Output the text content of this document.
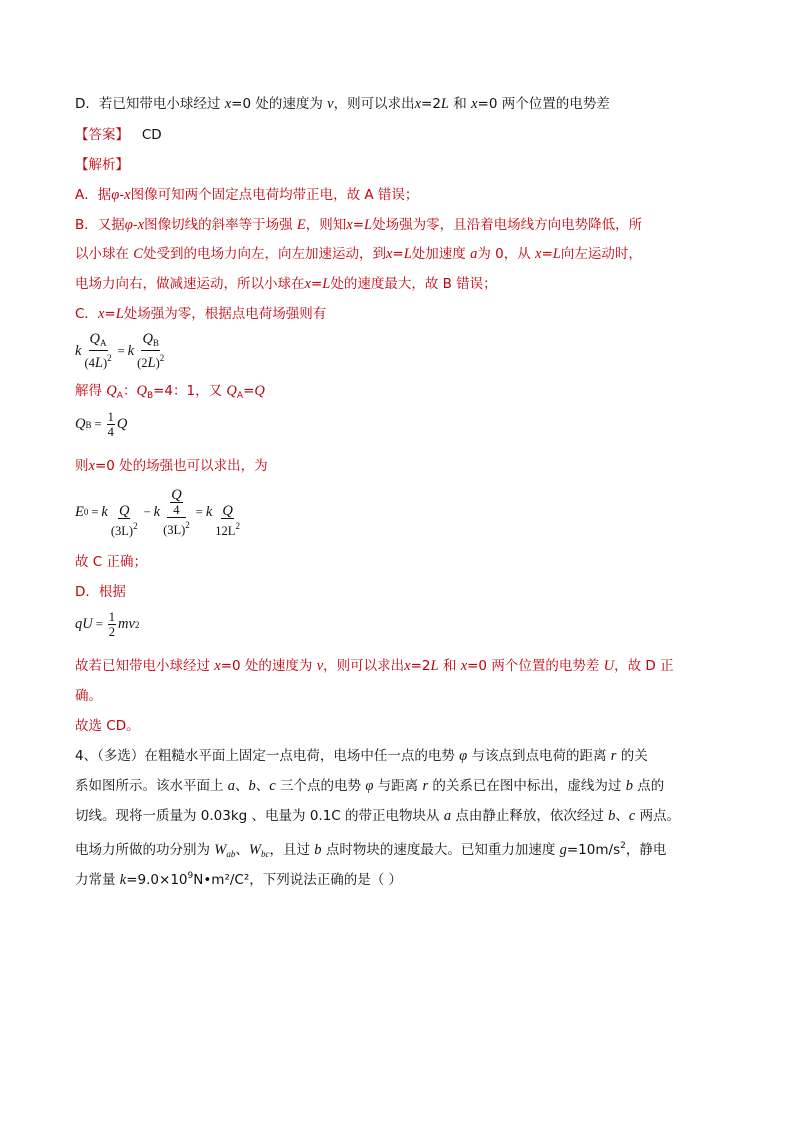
D．若已知带电小球经过 x=0 处的速度为 v，则可以求出x=2L 和 x=0 两个位置的电势差
【答案】 CD
【解析】
A．据φ-x图像可知两个固定点电荷均带正电，故 A 错误；
B．又据φ-x图像切线的斜率等于场强 E，则知x=L处场强为零，且沿着电场线方向电势降低，所
以小球在 C处受到的电场力向左，向左加速运动，到x=L处加速度 a为 0，从 x=L向左运动时，
电场力向右，做减速运动，所以小球在x=L处的速度最大，故 B 错误；
C．x=L处场强为零，根据点电荷场强则有
k $\frac{Q_A}{(4L)^2} = k \frac{Q_B}{(2L)^2}$
解得 $Q_A$：$Q_B=4$：1，又 $Q_A=Q$
Q $B = \frac{1}{4}$ Q
则x=0 处的场强也可以求出，为
E 0 = k $\frac{Q}{(3L)^2} - k \frac{\frac{Q}{4}}{(3L)^2} = k \frac{Q}{12L^2}$
故 C 正确；
D．根据
qU = $\frac{1}{2}$ mv 2
故若已知带电小球经过 x=0 处的速度为 v，则可以求出x=2L 和 x=0 两个位置的电势差 U，故 D 正
确。
故选 CD。
4、（多选）在粗糙水平面上固定一点电荷，电场中任一点的电势 φ 与该点到点电荷的距离 r 的关
系如图所示。该水平面上 a、b、c 三个点的电势 φ 与距离 r 的关系已在图中标出，虚线为过 b 点的
切线。现将一质量为 0.03kg 、电量为 0.1C 的带正电物块从 a 点由静止释放，依次经过 b、c 两点。
电场力所做的功分别为 $W_{ab}$、$W_{bc}$，且过 b 点时物块的速度最大。已知重力加速度 $g=10m/s^2$，静电
力常量 $k=9.0\times 10^9N•m^2/C^2$，下列说法正确的是（ ）
